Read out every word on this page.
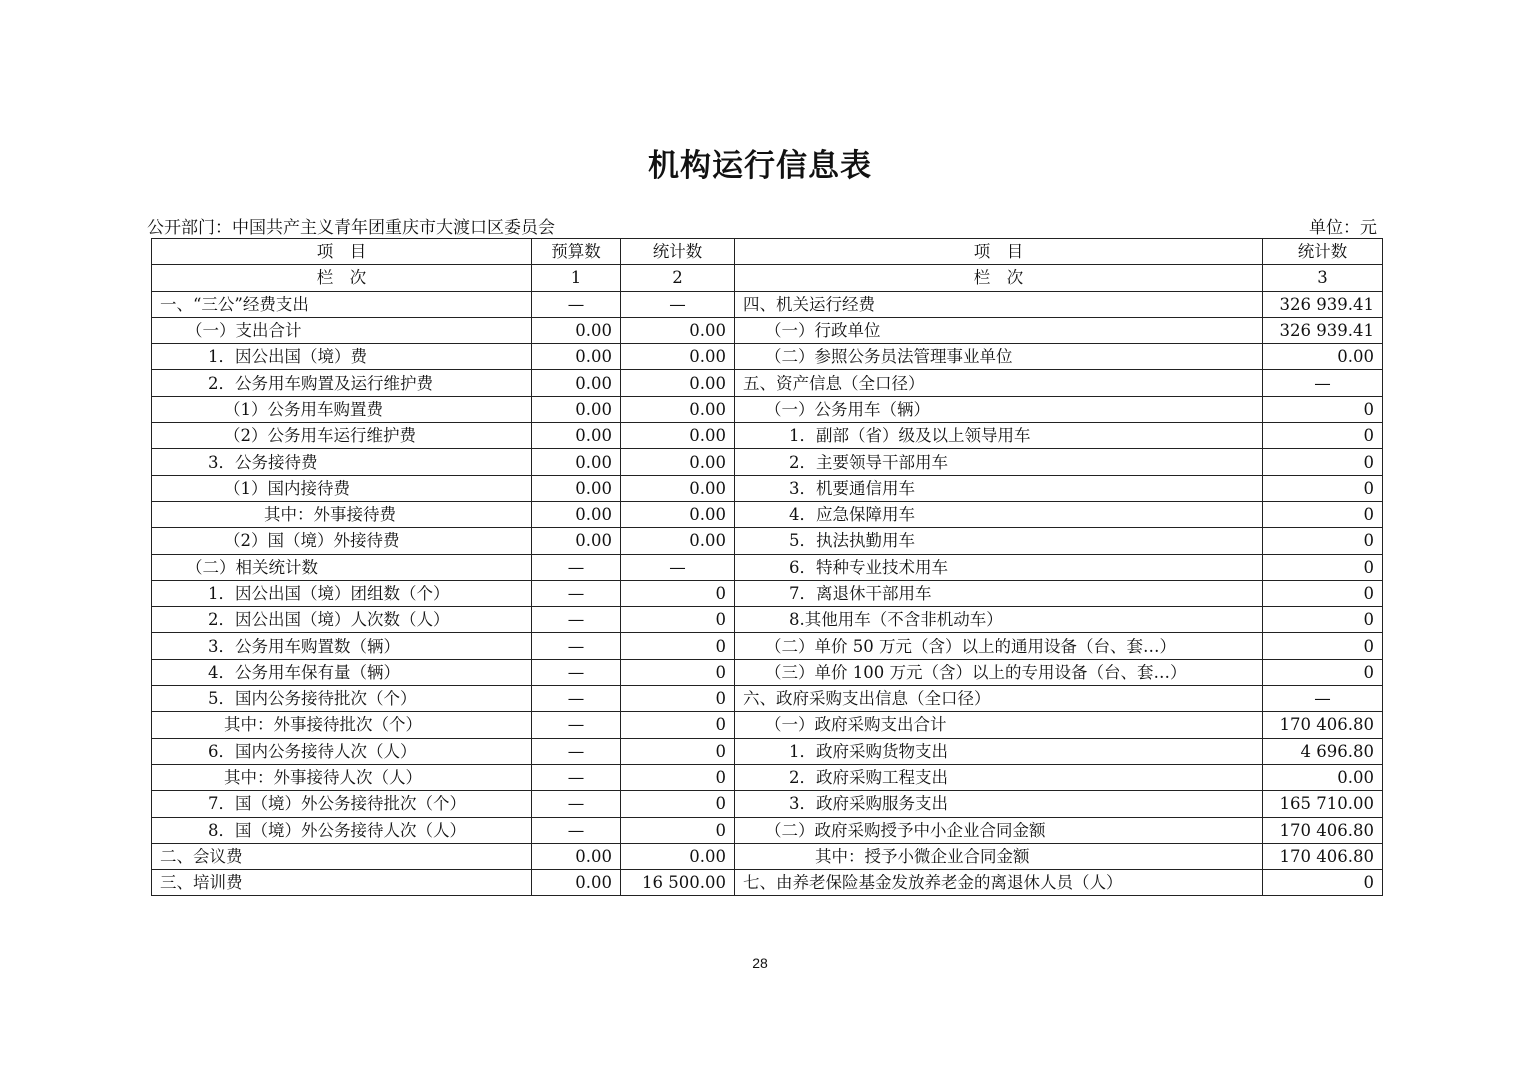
机构运行信息表
公开部门：中国共产主义青年团重庆市大渡口区委员会	单位：元
项　目	预算数	统计数	项　目	统计数
栏　次	1	2	栏　次	3
一、“三公”经费支出	—	—	四、机关运行经费	326 939.41
（一）支出合计	0.00	0.00	（一）行政单位	326 939.41
1．因公出国（境）费	0.00	0.00	（二）参照公务员法管理事业单位	0.00
2．公务用车购置及运行维护费	0.00	0.00	五、资产信息（全口径）	—
（1）公务用车购置费	0.00	0.00	（一）公务用车（辆）	0
（2）公务用车运行维护费	0.00	0.00	1．副部（省）级及以上领导用车	0
3．公务接待费	0.00	0.00	2．主要领导干部用车	0
（1）国内接待费	0.00	0.00	3．机要通信用车	0
其中：外事接待费	0.00	0.00	4．应急保障用车	0
（2）国（境）外接待费	0.00	0.00	5．执法执勤用车	0
（二）相关统计数	—	—	6．特种专业技术用车	0
1．因公出国（境）团组数（个）	—	0	7．离退休干部用车	0
2．因公出国（境）人次数（人）	—	0	8.其他用车（不含非机动车）	0
3．公务用车购置数（辆）	—	0	（二）单价 50 万元（含）以上的通用设备（台、套…）	0
4．公务用车保有量（辆）	—	0	（三）单价 100 万元（含）以上的专用设备（台、套…）	0
5．国内公务接待批次（个）	—	0	六、政府采购支出信息（全口径）	—
其中：外事接待批次（个）	—	0	（一）政府采购支出合计	170 406.80
6．国内公务接待人次（人）	—	0	1．政府采购货物支出	4 696.80
其中：外事接待人次（人）	—	0	2．政府采购工程支出	0.00
7．国（境）外公务接待批次（个）	—	0	3．政府采购服务支出	165 710.00
8．国（境）外公务接待人次（人）	—	0	（二）政府采购授予中小企业合同金额	170 406.80
二、会议费	0.00	0.00	其中：授予小微企业合同金额	170 406.80
三、培训费	0.00	16 500.00	七、由养老保险基金发放养老金的离退休人员（人）	0
28
